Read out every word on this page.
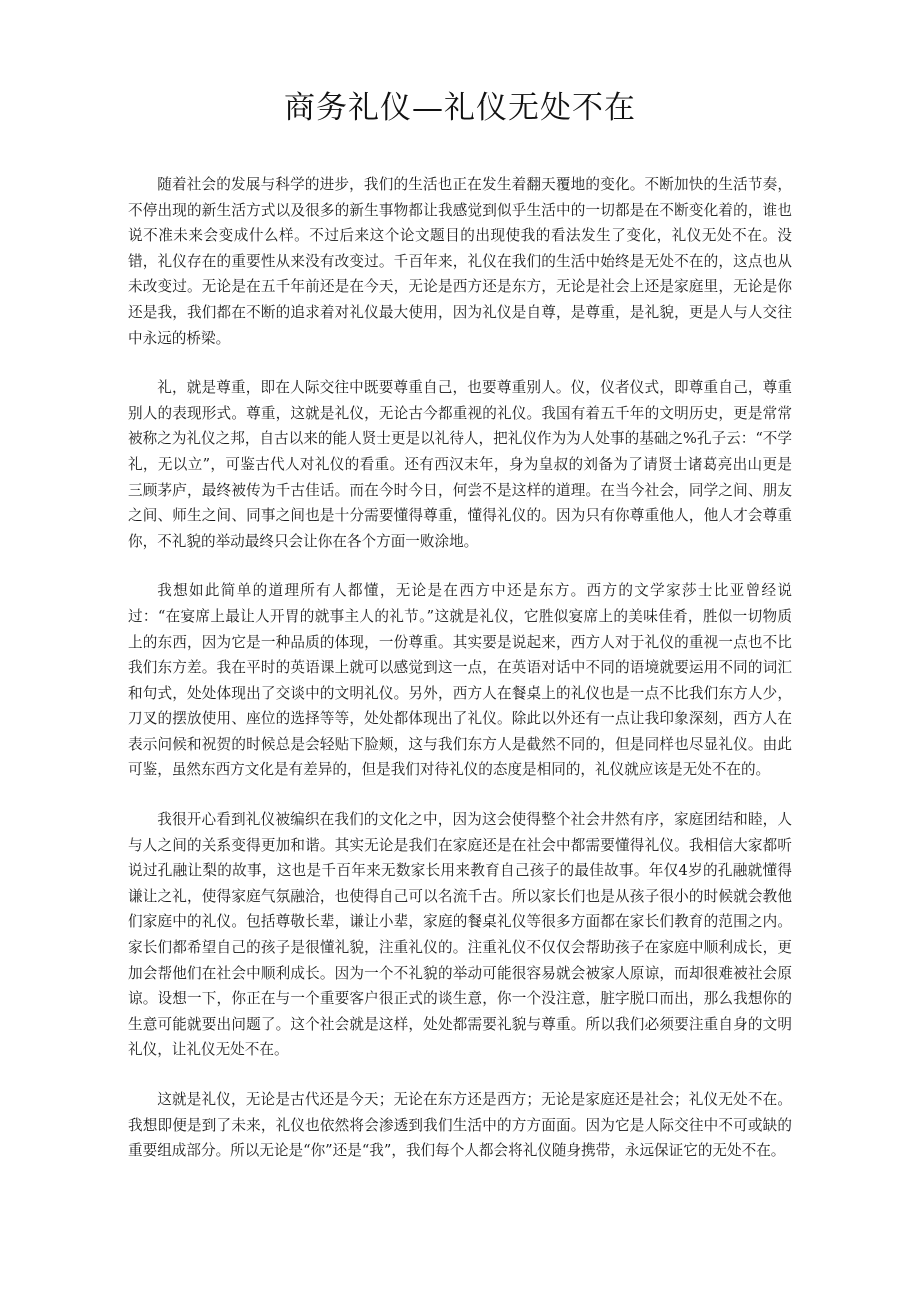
商务礼仪—礼仪无处不在

随着社会的发展与科学的进步，我们的生活也正在发生着翻天覆地的变化。不断加快的生活节奏，不停出现的新生活方式以及很多的新生事物都让我感觉到似乎生活中的一切都是在不断变化着的，谁也说不准未来会变成什么样。不过后来这个论文题目的出现使我的看法发生了变化，礼仪无处不在。没错，礼仪存在的重要性从来没有改变过。千百年来，礼仪在我们的生活中始终是无处不在的，这点也从未改变过。无论是在五千年前还是在今天，无论是西方还是东方，无论是社会上还是家庭里，无论是你还是我，我们都在不断的追求着对礼仪最大使用，因为礼仪是自尊，是尊重，是礼貌，更是人与人交往中永远的桥梁。

礼，就是尊重，即在人际交往中既要尊重自己，也要尊重别人。仪，仪者仪式，即尊重自己，尊重别人的表现形式。尊重，这就是礼仪，无论古今都重视的礼仪。我国有着五千年的文明历史，更是常常被称之为礼仪之邦，自古以来的能人贤士更是以礼待人，把礼仪作为为人处事的基础之%孔子云：“不学礼，无以立”，可鉴古代人对礼仪的看重。还有西汉末年，身为皇叔的刘备为了请贤士诸葛亮出山更是三顾茅庐，最终被传为千古佳话。而在今时今日，何尝不是这样的道理。在当今社会，同学之间、朋友之间、师生之间、同事之间也是十分需要懂得尊重，懂得礼仪的。因为只有你尊重他人，他人才会尊重你，不礼貌的举动最终只会让你在各个方面一败涂地。

我想如此简单的道理所有人都懂，无论是在西方中还是东方。西方的文学家莎士比亚曾经说过：“在宴席上最让人开胃的就事主人的礼节。”这就是礼仪，它胜似宴席上的美味佳肴，胜似一切物质上的东西，因为它是一种品质的体现，一份尊重。其实要是说起来，西方人对于礼仪的重视一点也不比我们东方差。我在平时的英语课上就可以感觉到这一点，在英语对话中不同的语境就要运用不同的词汇和句式，处处体现出了交谈中的文明礼仪。另外，西方人在餐桌上的礼仪也是一点不比我们东方人少，刀叉的摆放使用、座位的选择等等，处处都体现出了礼仪。除此以外还有一点让我印象深刻，西方人在表示问候和祝贺的时候总是会轻贴下脸颊，这与我们东方人是截然不同的，但是同样也尽显礼仪。由此可鉴，虽然东西方文化是有差异的，但是我们对待礼仪的态度是相同的，礼仪就应该是无处不在的。

我很开心看到礼仪被编织在我们的文化之中，因为这会使得整个社会井然有序，家庭团结和睦，人与人之间的关系变得更加和谐。其实无论是我们在家庭还是在社会中都需要懂得礼仪。我相信大家都听说过孔融让梨的故事，这也是千百年来无数家长用来教育自己孩子的最佳故事。年仅4岁的孔融就懂得谦让之礼，使得家庭气氛融洽，也使得自己可以名流千古。所以家长们也是从孩子很小的时候就会教他们家庭中的礼仪。包括尊敬长辈，谦让小辈，家庭的餐桌礼仪等很多方面都在家长们教育的范围之内。家长们都希望自己的孩子是很懂礼貌，注重礼仪的。注重礼仪不仅仅会帮助孩子在家庭中顺利成长，更加会帮他们在社会中顺利成长。因为一个不礼貌的举动可能很容易就会被家人原谅，而却很难被社会原谅。设想一下，你正在与一个重要客户很正式的谈生意，你一个没注意，脏字脱口而出，那么我想你的生意可能就要出问题了。这个社会就是这样，处处都需要礼貌与尊重。所以我们必须要注重自身的文明礼仪，让礼仪无处不在。

这就是礼仪，无论是古代还是今天；无论在东方还是西方；无论是家庭还是社会；礼仪无处不在。我想即便是到了未来，礼仪也依然将会渗透到我们生活中的方方面面。因为它是人际交往中不可或缺的重要组成部分。所以无论是“你”还是“我”，我们每个人都会将礼仪随身携带，永远保证它的无处不在。
